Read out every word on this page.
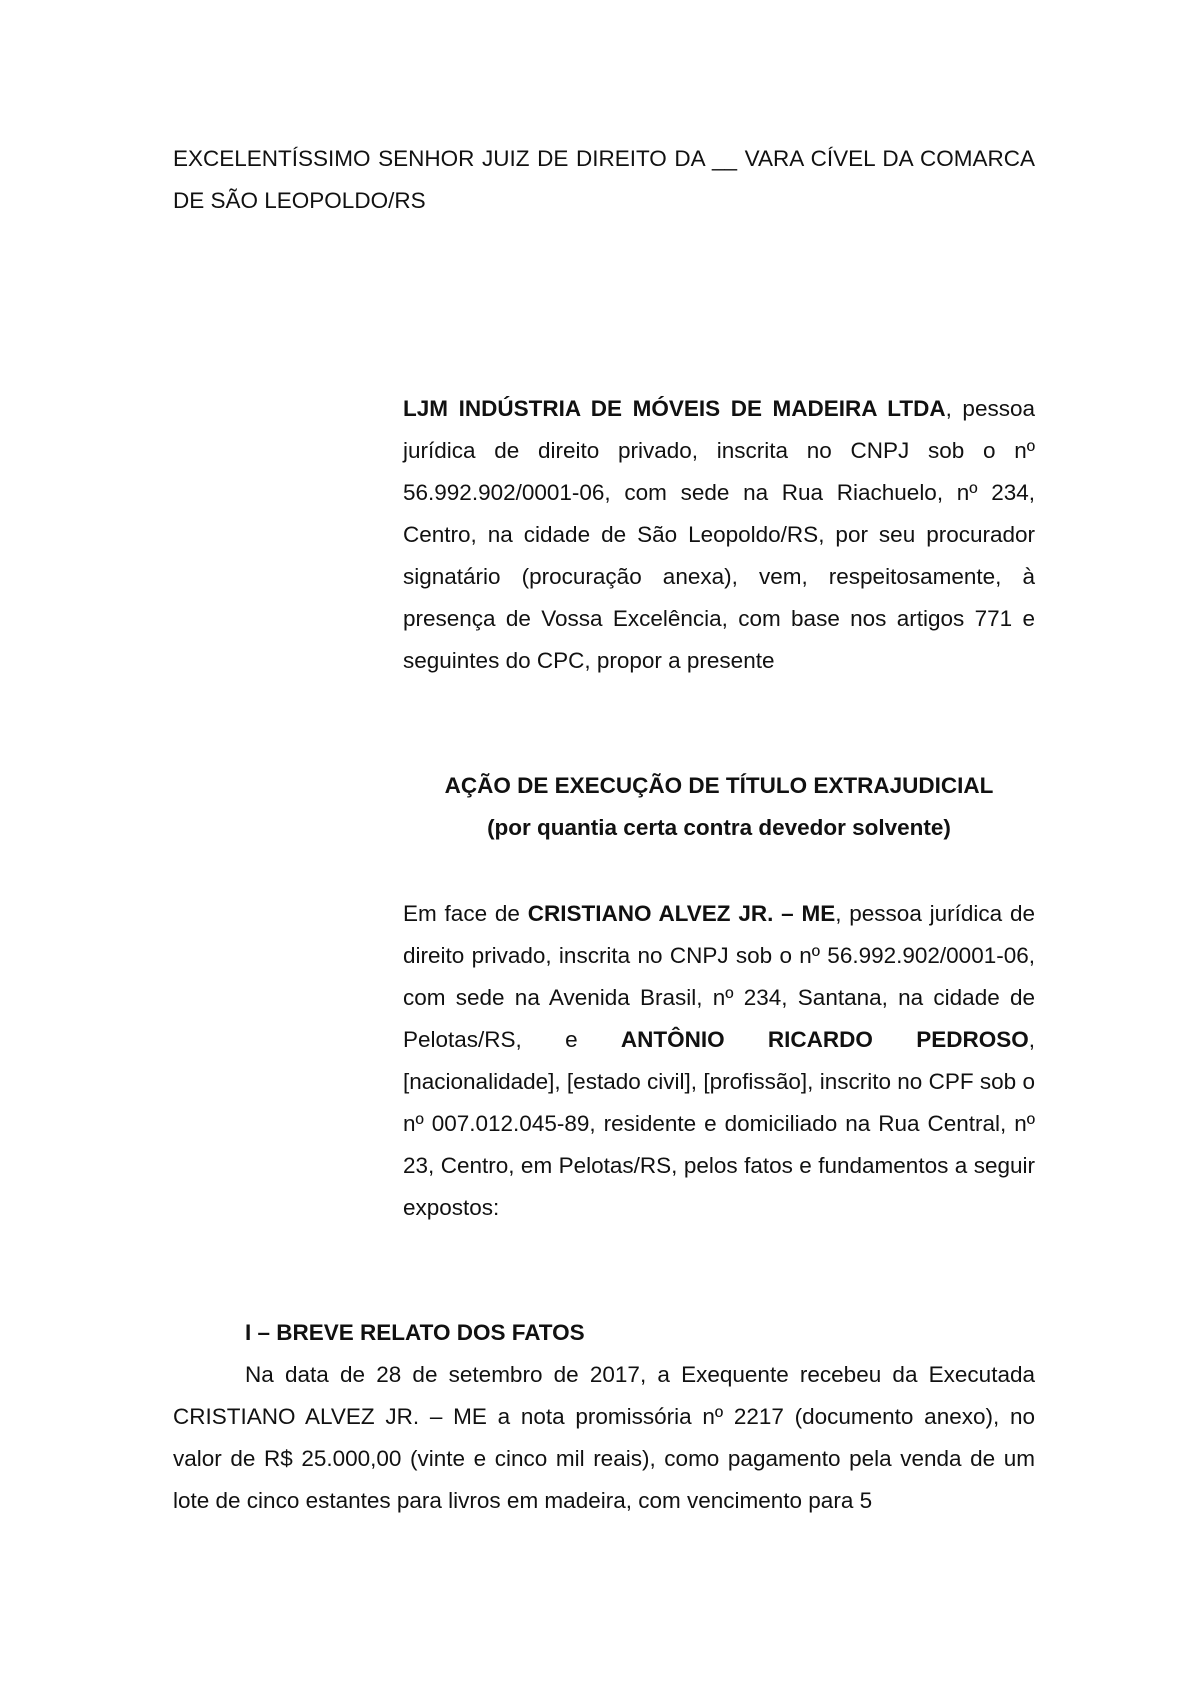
EXCELENTÍSSIMO SENHOR JUIZ DE DIREITO DA __ VARA CÍVEL DA COMARCA DE SÃO LEOPOLDO/RS

LJM INDÚSTRIA DE MÓVEIS DE MADEIRA LTDA, pessoa jurídica de direito privado, inscrita no CNPJ sob o nº 56.992.902/0001-06, com sede na Rua Riachuelo, nº 234, Centro, na cidade de São Leopoldo/RS, por seu procurador signatário (procuração anexa), vem, respeitosamente, à presença de Vossa Excelência, com base nos artigos 771 e seguintes do CPC, propor a presente

AÇÃO DE EXECUÇÃO DE TÍTULO EXTRAJUDICIAL
(por quantia certa contra devedor solvente)

Em face de CRISTIANO ALVEZ JR. – ME, pessoa jurídica de direito privado, inscrita no CNPJ sob o nº 56.992.902/0001-06, com sede na Avenida Brasil, nº 234, Santana, na cidade de Pelotas/RS, e ANTÔNIO RICARDO PEDROSO, [nacionalidade], [estado civil], [profissão], inscrito no CPF sob o nº 007.012.045-89, residente e domiciliado na Rua Central, nº 23, Centro, em Pelotas/RS, pelos fatos e fundamentos a seguir expostos:

I – BREVE RELATO DOS FATOS

Na data de 28 de setembro de 2017, a Exequente recebeu da Executada CRISTIANO ALVEZ JR. – ME a nota promissória nº 2217 (documento anexo), no valor de R$ 25.000,00 (vinte e cinco mil reais), como pagamento pela venda de um lote de cinco estantes para livros em madeira, com vencimento para 5
